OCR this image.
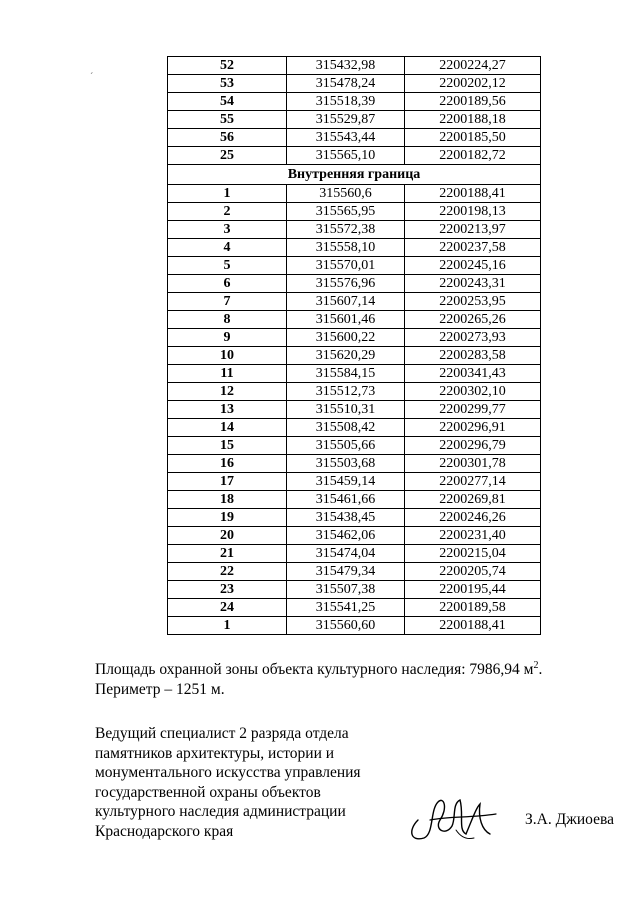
ˊ
52	315432,98	2200224,27
53	315478,24	2200202,12
54	315518,39	2200189,56
55	315529,87	2200188,18
56	315543,44	2200185,50
25	315565,10	2200182,72
Внутренняя граница		
1	315560,6	2200188,41
2	315565,95	2200198,13
3	315572,38	2200213,97
4	315558,10	2200237,58
5	315570,01	2200245,16
6	315576,96	2200243,31
7	315607,14	2200253,95
8	315601,46	2200265,26
9	315600,22	2200273,93
10	315620,29	2200283,58
11	315584,15	2200341,43
12	315512,73	2200302,10
13	315510,31	2200299,77
14	315508,42	2200296,91
15	315505,66	2200296,79
16	315503,68	2200301,78
17	315459,14	2200277,14
18	315461,66	2200269,81
19	315438,45	2200246,26
20	315462,06	2200231,40
21	315474,04	2200215,04
22	315479,34	2200205,74
23	315507,38	2200195,44
24	315541,25	2200189,58
1	315560,60	2200188,41
Площадь охранной зоны объекта культурного наследия: 7986,94 $м^2$.
Периметр – 1251 м.
Ведущий специалист 2 разряда отдела
памятников архитектуры, истории и
монументального искусства управления
государственной охраны объектов
культурного наследия администрации
Краснодарского края
З.А. Джиоева
